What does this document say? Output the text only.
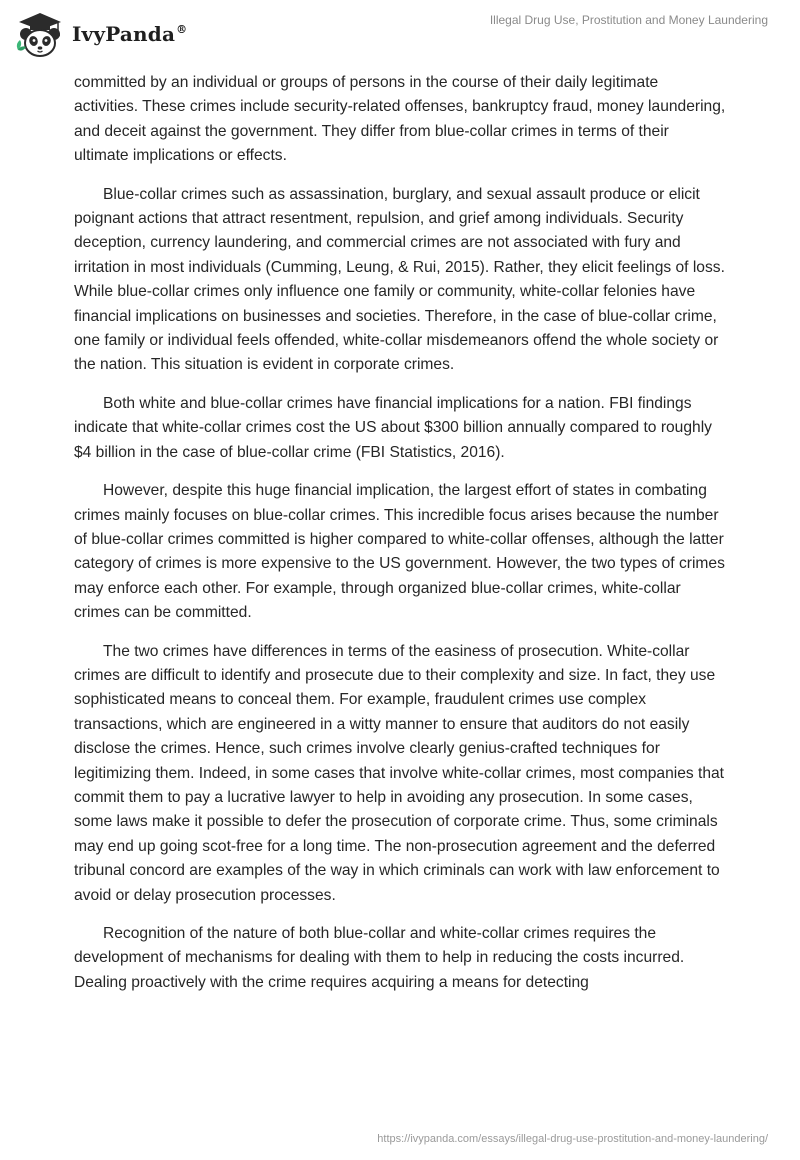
IvyPanda®
Illegal Drug Use, Prostitution and Money Laundering

committed by an individual or groups of persons in the course of their daily legitimate activities. These crimes include security-related offenses, bankruptcy fraud, money laundering, and deceit against the government. They differ from blue-collar crimes in terms of their ultimate implications or effects.

Blue-collar crimes such as assassination, burglary, and sexual assault produce or elicit poignant actions that attract resentment, repulsion, and grief among individuals. Security deception, currency laundering, and commercial crimes are not associated with fury and irritation in most individuals (Cumming, Leung, & Rui, 2015). Rather, they elicit feelings of loss. While blue-collar crimes only influence one family or community, white-collar felonies have financial implications on businesses and societies. Therefore, in the case of blue-collar crime, one family or individual feels offended, white-collar misdemeanors offend the whole society or the nation. This situation is evident in corporate crimes.

Both white and blue-collar crimes have financial implications for a nation. FBI findings indicate that white-collar crimes cost the US about $300 billion annually compared to roughly $4 billion in the case of blue-collar crime (FBI Statistics, 2016).

However, despite this huge financial implication, the largest effort of states in combating crimes mainly focuses on blue-collar crimes. This incredible focus arises because the number of blue-collar crimes committed is higher compared to white-collar offenses, although the latter category of crimes is more expensive to the US government. However, the two types of crimes may enforce each other. For example, through organized blue-collar crimes, white-collar crimes can be committed.

The two crimes have differences in terms of the easiness of prosecution. White-collar crimes are difficult to identify and prosecute due to their complexity and size. In fact, they use sophisticated means to conceal them. For example, fraudulent crimes use complex transactions, which are engineered in a witty manner to ensure that auditors do not easily disclose the crimes. Hence, such crimes involve clearly genius-crafted techniques for legitimizing them. Indeed, in some cases that involve white-collar crimes, most companies that commit them to pay a lucrative lawyer to help in avoiding any prosecution. In some cases, some laws make it possible to defer the prosecution of corporate crime. Thus, some criminals may end up going scot-free for a long time. The non-prosecution agreement and the deferred tribunal concord are examples of the way in which criminals can work with law enforcement to avoid or delay prosecution processes.

Recognition of the nature of both blue-collar and white-collar crimes requires the development of mechanisms for dealing with them to help in reducing the costs incurred. Dealing proactively with the crime requires acquiring a means for detecting

https://ivypanda.com/essays/illegal-drug-use-prostitution-and-money-laundering/
